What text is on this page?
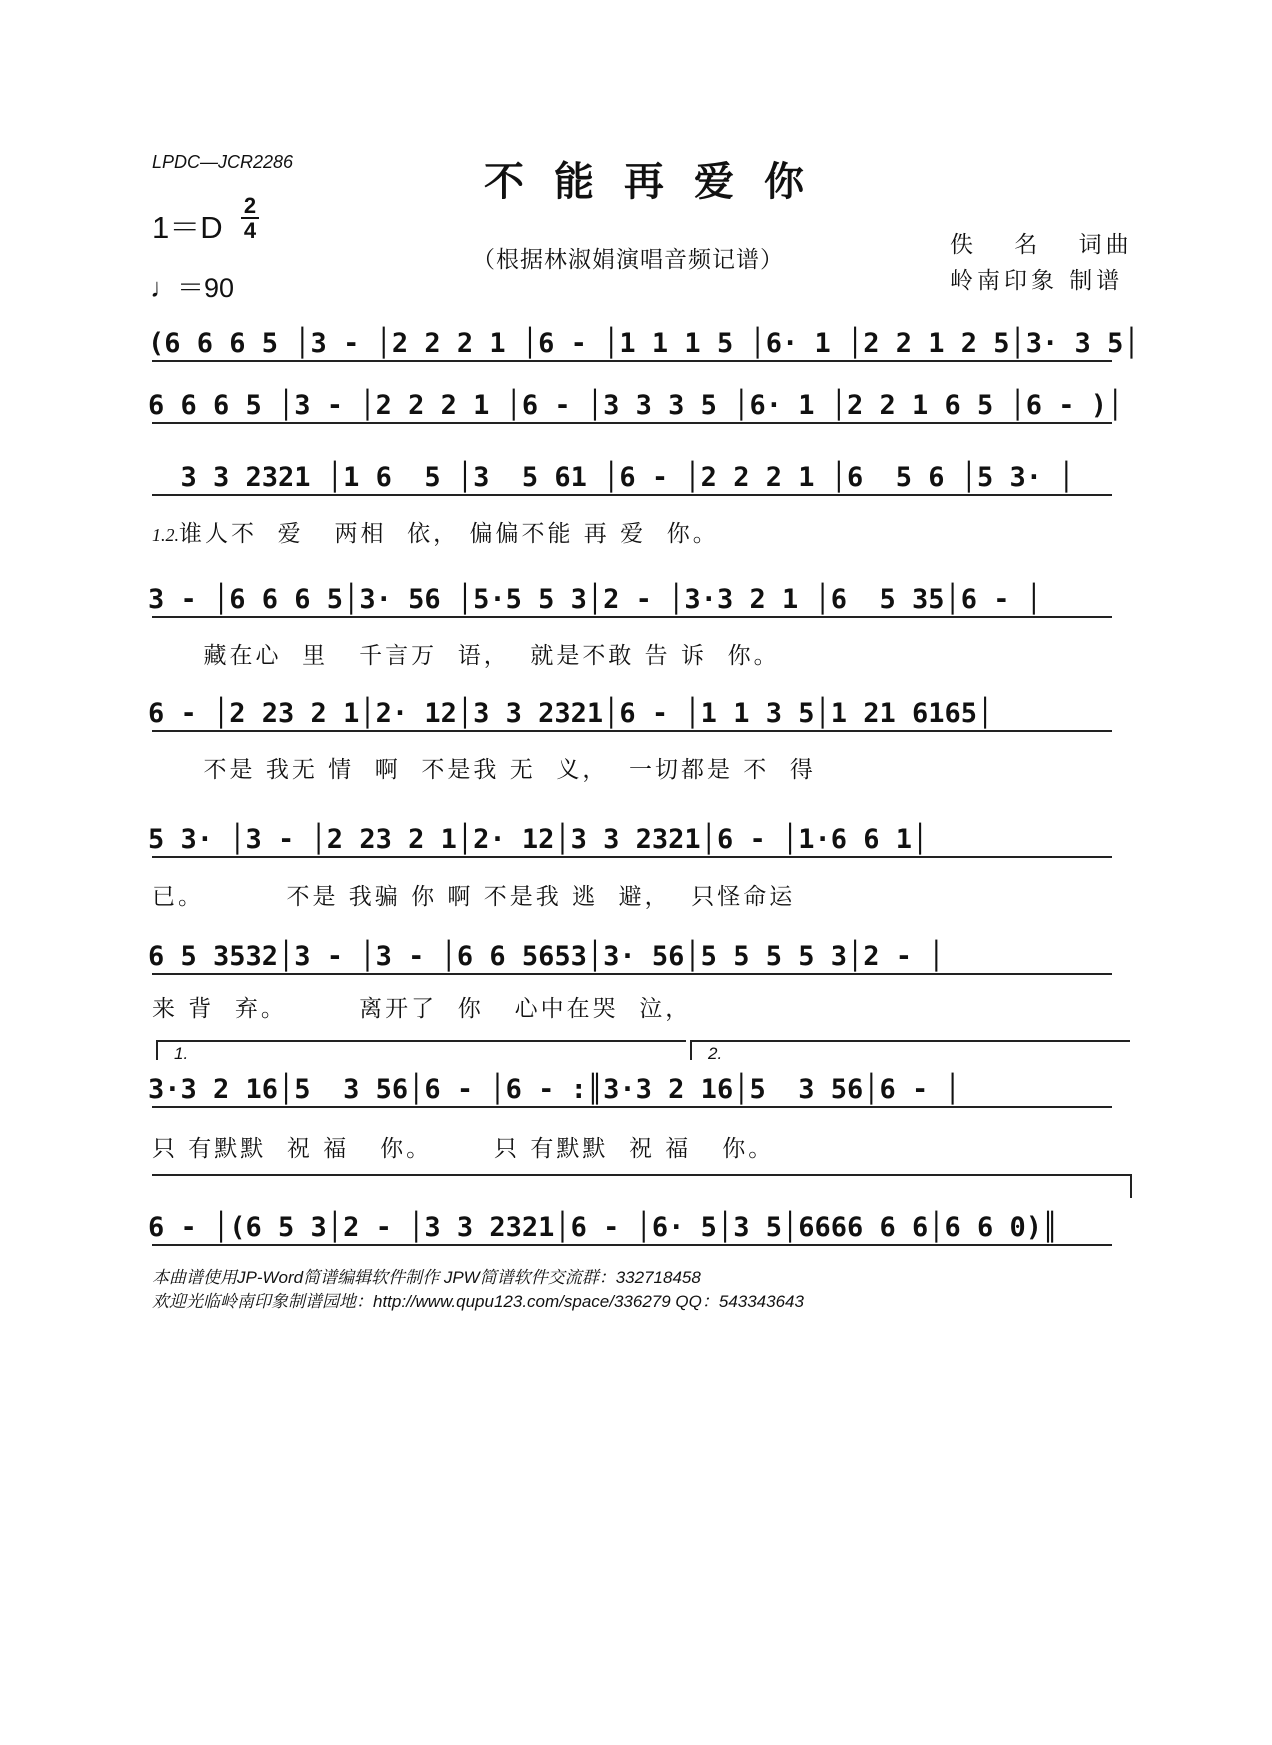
LPDC—JCR2286	不能再爱你
1＝D
2
4
♩＝90
（根据林淑娟演唱音频记谱）
佚 名 词曲
岭南印象 制谱
(6 6 6 5 │3 - │2 2 2 1 │6 - │1 1 1 5 │6· 1 │2 2 1 2 5│3· 3 5│
6 6 6 5 │3 - │2 2 2 1 │6 - │3 3 3 5 │6· 1 │2 2 1 6 5 │6 - )│
3 3 2321 │1 6  5 │3  5 61 │6 - │2 2 2 1 │6  5 6 │5 3· │
1.2.谁人不  爱   两相  依， 偏偏不能 再 爱  你。
3 - │6 6 6 5│3· 56 │5·5 5 3│2 - │3·3 2 1 │6  5 35│6 - │
藏在心  里   千言万  语，  就是不敢 告 诉  你。
6 - │2 23 2 1│2· 12│3 3 2321│6 - │1 1 3 5│1 21 6165│
不是 我无 情  啊  不是我 无  义，  一切都是 不  得
5 3· │3 - │2 23 2 1│2· 12│3 3 2321│6 - │1·6 6 1│
已。        不是 我骗 你 啊 不是我 逃  避，  只怪命运
6 5 3532│3 - │3 - │6 6 5653│3· 56│5 5 5 5 3│2 - │
来 背  弃。       离开了  你   心中在哭  泣，
1.	2.
3·3 2 16│5  3 56│6 - │6 - :║3·3 2 16│5  3 56│6 - │
只 有默默  祝 福   你。      只 有默默  祝 福   你。
6 - │(6 5 3│2 - │3 3 2321│6 - │6· 5│3 5│6666 6 6│6 6 0)║
本曲谱使用JP-Word简谱编辑软件制作 JPW简谱软件交流群：332718458
欢迎光临岭南印象制谱园地：http://www.qupu123.com/space/336279 QQ：543343643
